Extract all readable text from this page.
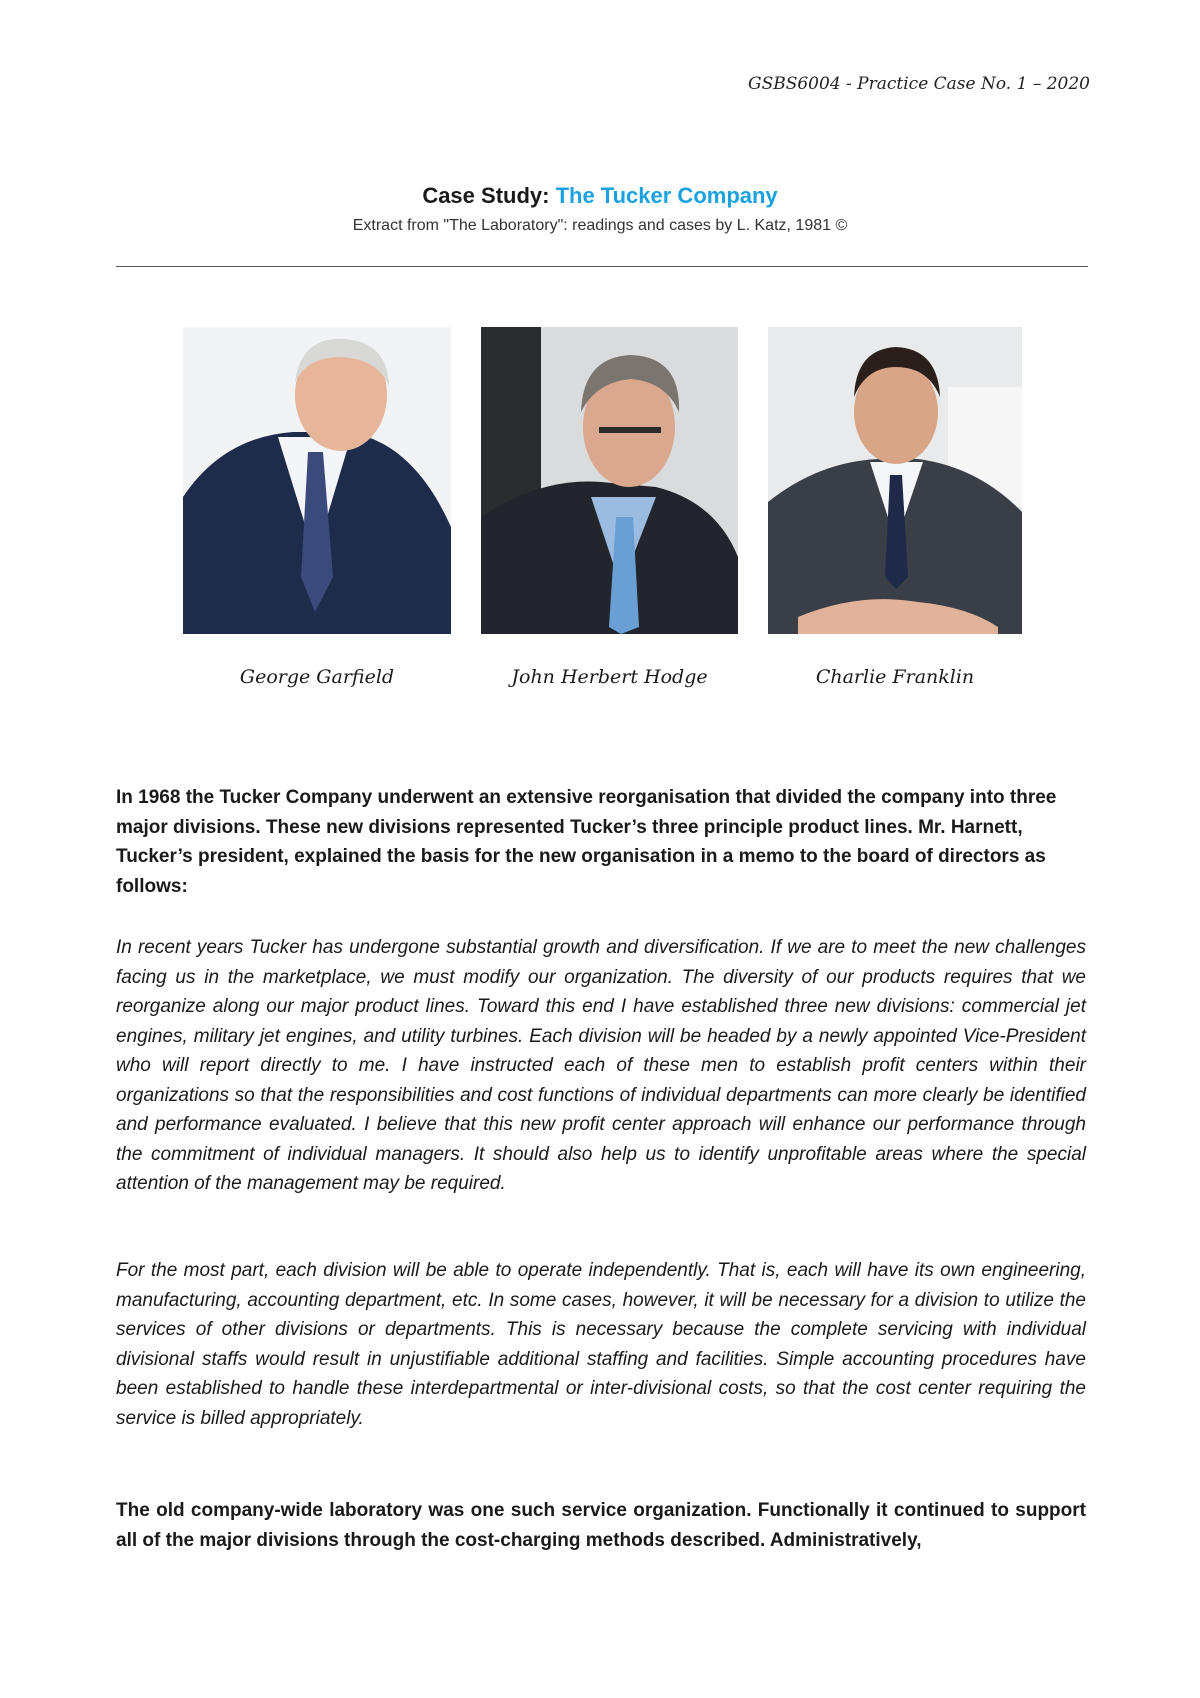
GSBS6004 - Practice Case No. 1 – 2020
Case Study: The Tucker Company
Extract from "The Laboratory": readings and cases by L. Katz, 1981 ©
George Garfield	John Herbert Hodge	Charlie Franklin
In 1968 the Tucker Company underwent an extensive reorganisation that divided the company into three major divisions. These new divisions represented Tucker’s three principle product lines. Mr. Harnett, Tucker’s president, explained the basis for the new organisation in a memo to the board of directors as follows:
In recent years Tucker has undergone substantial growth and diversification. If we are to meet the new challenges facing us in the marketplace, we must modify our organization. The diversity of our products requires that we reorganize along our major product lines. Toward this end I have established three new divisions: commercial jet engines, military jet engines, and utility turbines. Each division will be headed by a newly appointed Vice-President who will report directly to me. I have instructed each of these men to establish profit centers within their organizations so that the responsibilities and cost functions of individual departments can more clearly be identified and performance evaluated. I believe that this new profit center approach will enhance our performance through the commitment of individual managers. It should also help us to identify unprofitable areas where the special attention of the management may be required.
For the most part, each division will be able to operate independently. That is, each will have its own engineering, manufacturing, accounting department, etc. In some cases, however, it will be necessary for a division to utilize the services of other divisions or departments. This is necessary because the complete servicing with individual divisional staffs would result in unjustifiable additional staffing and facilities. Simple accounting procedures have been established to handle these interdepartmental or inter-divisional costs, so that the cost center requiring the service is billed appropriately.
The old company-wide laboratory was one such service organization. Functionally it continued to support all of the major divisions through the cost-charging methods described. Administratively,
